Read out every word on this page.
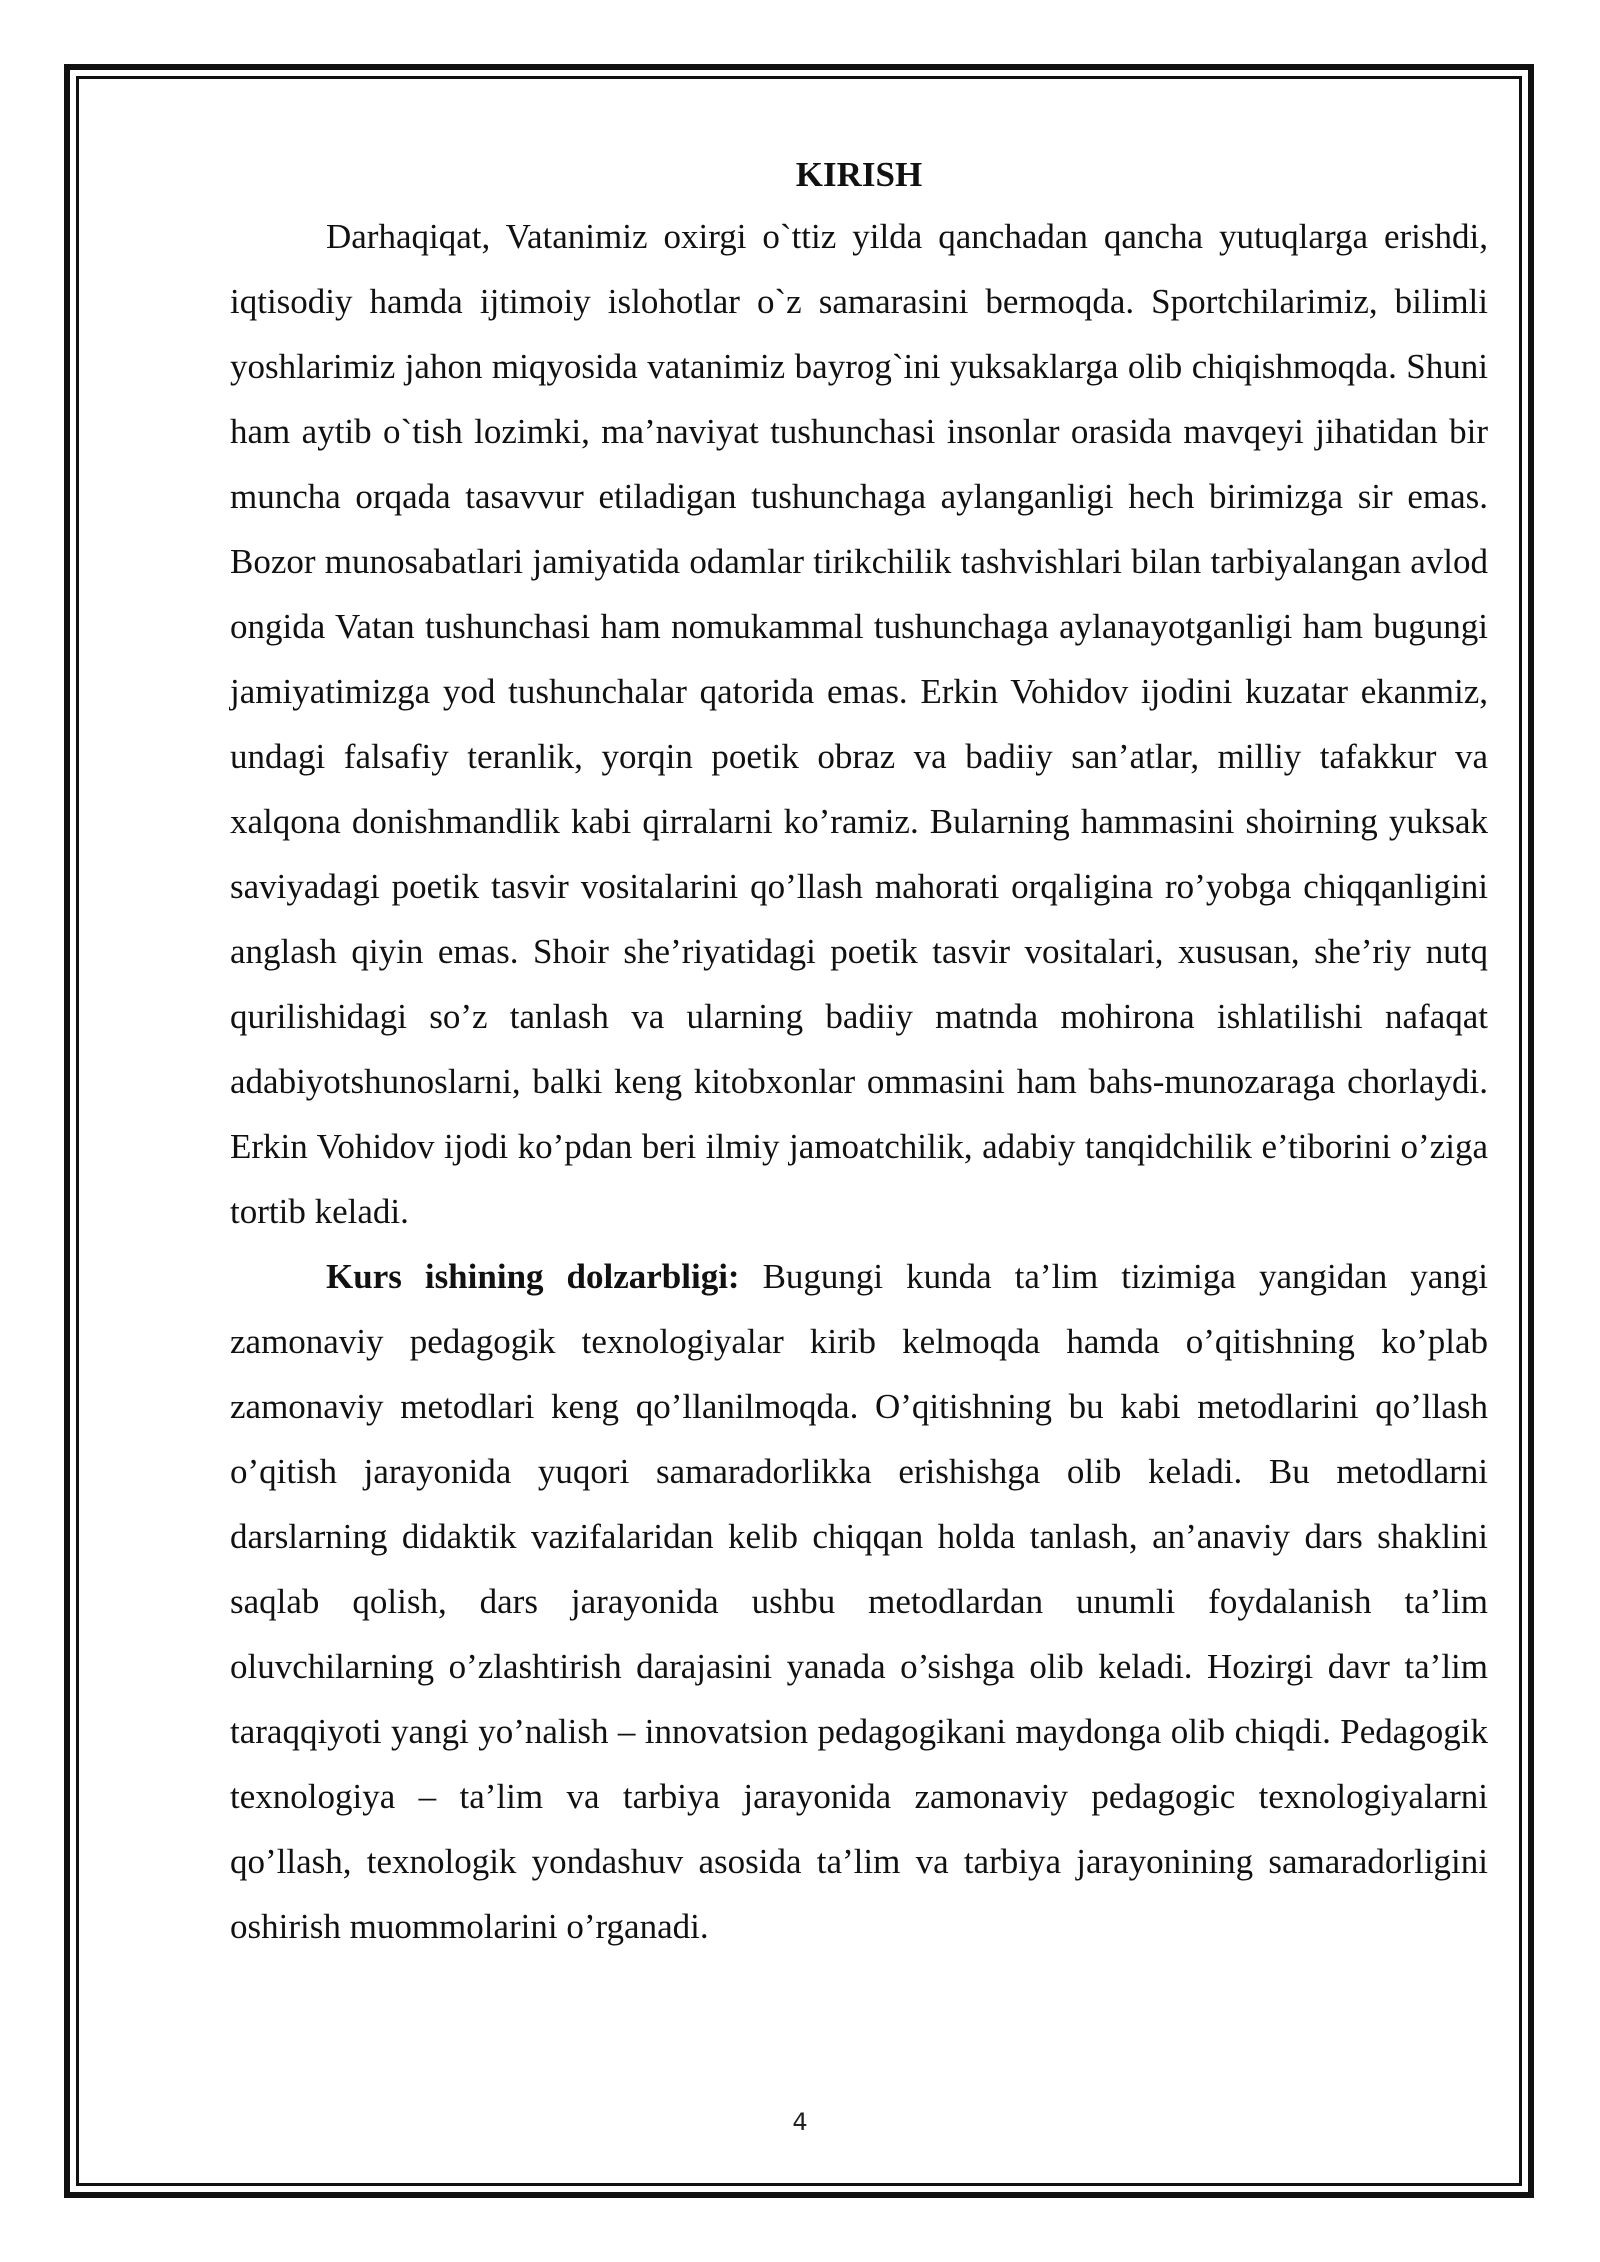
KIRISH

Darhaqiqat, Vatanimiz oxirgi o`ttiz yilda qanchadan qancha yutuqlarga erishdi, iqtisodiy hamda ijtimoiy islohotlar o`z samarasini bermoqda. Sportchilarimiz, bilimli yoshlarimiz jahon miqyosida vatanimiz bayrog`ini yuksaklarga olib chiqishmoqda. Shuni ham aytib o`tish lozimki, ma’naviyat tushunchasi insonlar orasida mavqeyi jihatidan bir muncha orqada tasavvur etiladigan tushunchaga aylanganligi hech birimizga sir emas. Bozor munosabatlari jamiyatida odamlar tirikchilik tashvishlari bilan tarbiyalangan avlod ongida Vatan tushunchasi ham nomukammal tushunchaga aylanayotganligi ham bugungi jamiyatimizga yod tushunchalar qatorida emas. Erkin Vohidov ijodini kuzatar ekanmiz, undagi falsafiy teranlik, yorqin poetik obraz va badiiy san’atlar, milliy tafakkur va xalqona donishmandlik kabi qirralarni ko’ramiz. Bularning hammasini shoirning yuksak saviyadagi poetik tasvir vositalarini qo’llash mahorati orqaligina ro’yobga chiqqanligini anglash qiyin emas. Shoir she’riyatidagi poetik tasvir vositalari, xususan, she’riy nutq qurilishidagi so’z tanlash va ularning badiiy matnda mohirona ishlatilishi nafaqat adabiyotshunoslarni, balki keng kitobxonlar ommasini ham bahs-munozaraga chorlaydi. Erkin Vohidov ijodi ko’pdan beri ilmiy jamoatchilik, adabiy tanqidchilik e’tiborini o’ziga tortib keladi.

Kurs ishining dolzarbligi: Bugungi kunda ta’lim tizimiga yangidan yangi zamonaviy pedagogik texnologiyalar kirib kelmoqda hamda o’qitishning ko’plab zamonaviy metodlari keng qo’llanilmoqda. O’qitishning bu kabi metodlarini qo’llash o’qitish jarayonida yuqori samaradorlikka erishishga olib keladi. Bu metodlarni darslarning didaktik vazifalaridan kelib chiqqan holda tanlash, an’anaviy dars shaklini saqlab qolish, dars jarayonida ushbu metodlardan unumli foydalanish ta’lim oluvchilarning o’zlashtirish darajasini yanada o’sishga olib keladi. Hozirgi davr ta’lim taraqqiyoti yangi yo’nalish – innovatsion pedagogikani maydonga olib chiqdi. Pedagogik texnologiya – ta’lim va tarbiya jarayonida zamonaviy pedagogic texnologiyalarni qo’llash, texnologik yondashuv asosida ta’lim va tarbiya jarayonining samaradorligini oshirish muommolarini o’rganadi.

4
